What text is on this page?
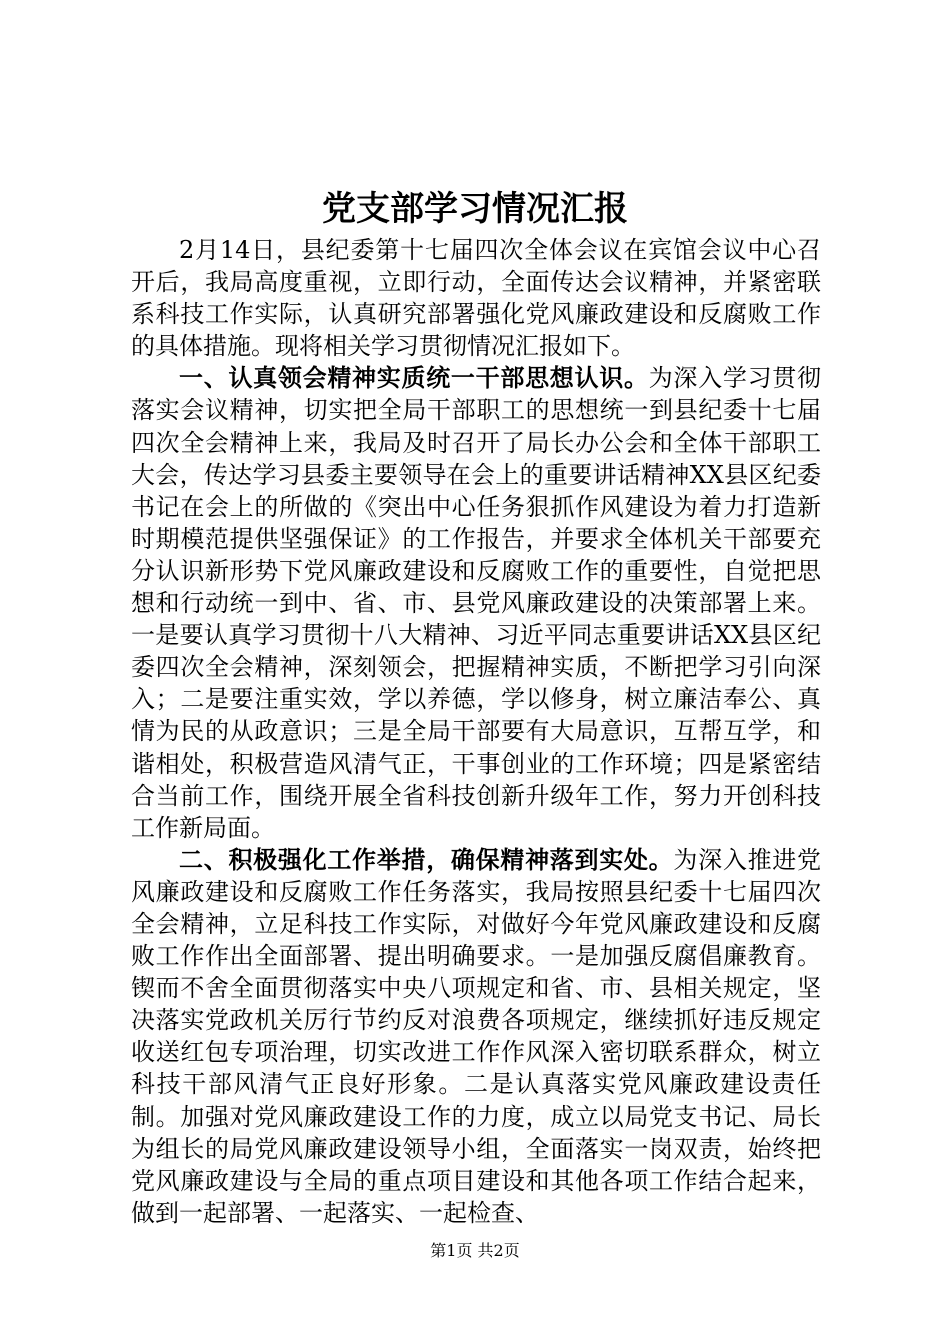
党支部学习情况汇报

2月14日，县纪委第十七届四次全体会议在宾馆会议中心召开后，我局高度重视，立即行动，全面传达会议精神，并紧密联系科技工作实际，认真研究部署强化党风廉政建设和反腐败工作的具体措施。现将相关学习贯彻情况汇报如下。

一、认真领会精神实质统一干部思想认识。为深入学习贯彻落实会议精神，切实把全局干部职工的思想统一到县纪委十七届四次全会精神上来，我局及时召开了局长办公会和全体干部职工大会，传达学习县委主要领导在会上的重要讲话精神XX县区纪委书记在会上的所做的《突出中心任务狠抓作风建设为着力打造新时期模范提供坚强保证》的工作报告，并要求全体机关干部要充分认识新形势下党风廉政建设和反腐败工作的重要性，自觉把思想和行动统一到中、省、市、县党风廉政建设的决策部署上来。一是要认真学习贯彻十八大精神、习近平同志重要讲话XX县区纪委四次全会精神，深刻领会，把握精神实质，不断把学习引向深入；二是要注重实效，学以养德，学以修身，树立廉洁奉公、真情为民的从政意识；三是全局干部要有大局意识，互帮互学，和谐相处，积极营造风清气正，干事创业的工作环境；四是紧密结合当前工作，围绕开展全省科技创新升级年工作，努力开创科技工作新局面。

二、积极强化工作举措，确保精神落到实处。为深入推进党风廉政建设和反腐败工作任务落实，我局按照县纪委十七届四次全会精神，立足科技工作实际，对做好今年党风廉政建设和反腐败工作作出全面部署、提出明确要求。一是加强反腐倡廉教育。锲而不舍全面贯彻落实中央八项规定和省、市、县相关规定，坚决落实党政机关厉行节约反对浪费各项规定，继续抓好违反规定收送红包专项治理，切实改进工作作风深入密切联系群众，树立科技干部风清气正良好形象。二是认真落实党风廉政建设责任制。加强对党风廉政建设工作的力度，成立以局党支书记、局长为组长的局党风廉政建设领导小组，全面落实一岗双责，始终把党风廉政建设与全局的重点项目建设和其他各项工作结合起来，做到一起部署、一起落实、一起检查、

第1页 共2页
